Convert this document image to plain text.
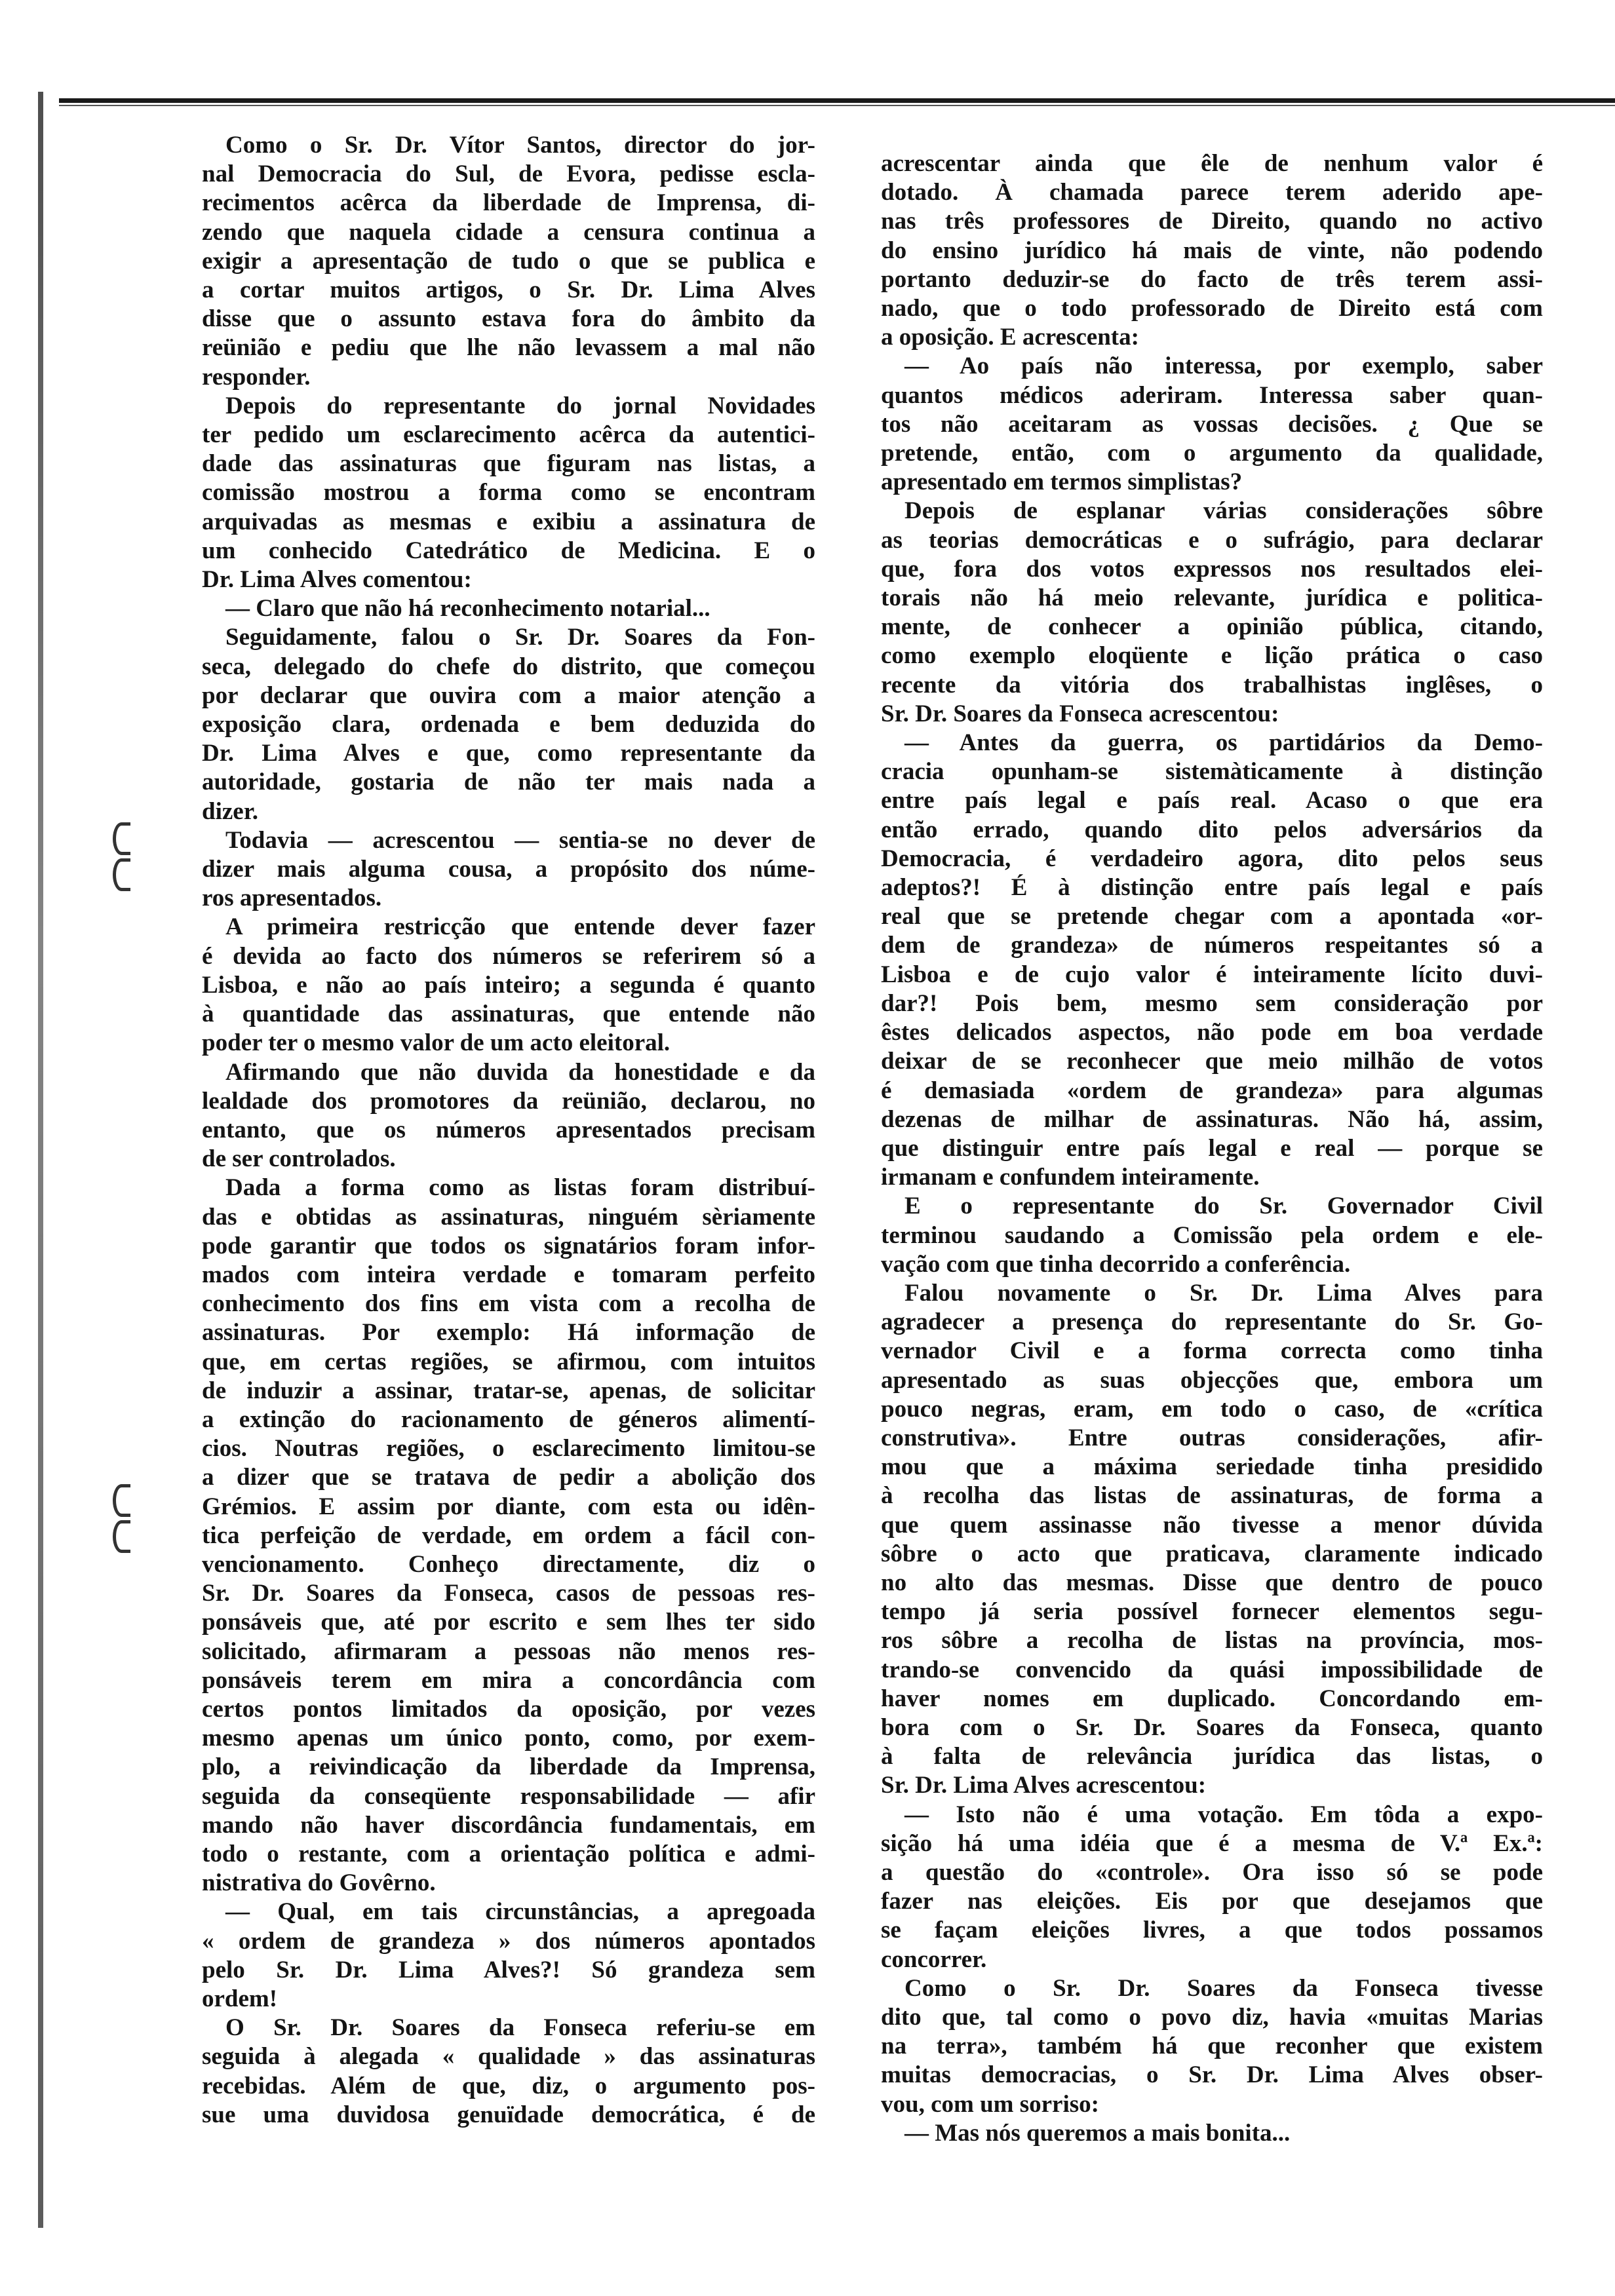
Como o Sr. Dr. Vítor Santos, director do jor-
nal Democracia do Sul, de Evora, pedisse escla-
recimentos acêrca da liberdade de Imprensa, di-
zendo que naquela cidade a censura continua a
exigir a apresentação de tudo o que se publica e
a cortar muitos artigos, o Sr. Dr. Lima Alves
disse que o assunto estava fora do âmbito da
reünião e pediu que lhe não levassem a mal não
responder.
Depois do representante do jornal Novidades
ter pedido um esclarecimento acêrca da autentici-
dade das assinaturas que figuram nas listas, a
comissão mostrou a forma como se encontram
arquivadas as mesmas e exibiu a assinatura de
um conhecido Catedrático de Medicina. E o
Dr. Lima Alves comentou:
— Claro que não há reconhecimento notarial...
Seguidamente, falou o Sr. Dr. Soares da Fon-
seca, delegado do chefe do distrito, que começou
por declarar que ouvira com a maior atenção a
exposição clara, ordenada e bem deduzida do
Dr. Lima Alves e que, como representante da
autoridade, gostaria de não ter mais nada a
dizer.
Todavia — acrescentou — sentia-se no dever de
dizer mais alguma cousa, a propósito dos núme-
ros apresentados.
A primeira restricção que entende dever fazer
é devida ao facto dos números se referirem só a
Lisboa, e não ao país inteiro; a segunda é quanto
à quantidade das assinaturas, que entende não
poder ter o mesmo valor de um acto eleitoral.
Afirmando que não duvida da honestidade e da
lealdade dos promotores da reünião, declarou, no
entanto, que os números apresentados precisam
de ser controlados.
Dada a forma como as listas foram distribuí-
das e obtidas as assinaturas, ninguém sèriamente
pode garantir que todos os signatários foram infor-
mados com inteira verdade e tomaram perfeito
conhecimento dos fins em vista com a recolha de
assinaturas. Por exemplo: Há informação de
que, em certas regiões, se afirmou, com intuitos
de induzir a assinar, tratar-se, apenas, de solicitar
a extinção do racionamento de géneros alimentí-
cios. Noutras regiões, o esclarecimento limitou-se
a dizer que se tratava de pedir a abolição dos
Grémios. E assim por diante, com esta ou idên-
tica perfeição de verdade, em ordem a fácil con-
vencionamento. Conheço directamente, diz o
Sr. Dr. Soares da Fonseca, casos de pessoas res-
ponsáveis que, até por escrito e sem lhes ter sido
solicitado, afirmaram a pessoas não menos res-
ponsáveis terem em mira a concordância com
certos pontos limitados da oposição, por vezes
mesmo apenas um único ponto, como, por exem-
plo, a reivindicação da liberdade da Imprensa,
seguida da conseqüente responsabilidade — afir
mando não haver discordância fundamentais, em
todo o restante, com a orientação política e admi-
nistrativa do Govêrno.
— Qual, em tais circunstâncias, a apregoada
« ordem de grandeza » dos números apontados
pelo Sr. Dr. Lima Alves?! Só grandeza sem
ordem!
O Sr. Dr. Soares da Fonseca referiu-se em
seguida à alegada « qualidade » das assinaturas
recebidas. Além de que, diz, o argumento pos-
sue uma duvidosa genuïdade democrática, é de
acrescentar ainda que êle de nenhum valor é
dotado. À chamada parece terem aderido ape-
nas três professores de Direito, quando no activo
do ensino jurídico há mais de vinte, não podendo
portanto deduzir-se do facto de três terem assi-
nado, que o todo professorado de Direito está com
a oposição. E acrescenta:
— Ao país não interessa, por exemplo, saber
quantos médicos aderiram. Interessa saber quan-
tos não aceitaram as vossas decisões. ¿ Que se
pretende, então, com o argumento da qualidade,
apresentado em termos simplistas?
Depois de esplanar várias considerações sôbre
as teorias democráticas e o sufrágio, para declarar
que, fora dos votos expressos nos resultados elei-
torais não há meio relevante, jurídica e politica-
mente, de conhecer a opinião pública, citando,
como exemplo eloqüente e lição prática o caso
recente da vitória dos trabalhistas inglêses, o
Sr. Dr. Soares da Fonseca acrescentou:
— Antes da guerra, os partidários da Demo-
cracia opunham-se sistemàticamente à distinção
entre país legal e país real. Acaso o que era
então errado, quando dito pelos adversários da
Democracia, é verdadeiro agora, dito pelos seus
adeptos?! É à distinção entre país legal e país
real que se pretende chegar com a apontada «or-
dem de grandeza» de números respeitantes só a
Lisboa e de cujo valor é inteiramente lícito duvi-
dar?! Pois bem, mesmo sem consideração por
êstes delicados aspectos, não pode em boa verdade
deixar de se reconhecer que meio milhão de votos
é demasiada «ordem de grandeza» para algumas
dezenas de milhar de assinaturas. Não há, assim,
que distinguir entre país legal e real — porque se
irmanam e confundem inteiramente.
E o representante do Sr. Governador Civil
terminou saudando a Comissão pela ordem e ele-
vação com que tinha decorrido a conferência.
Falou novamente o Sr. Dr. Lima Alves para
agradecer a presença do representante do Sr. Go-
vernador Civil e a forma correcta como tinha
apresentado as suas objecções que, embora um
pouco negras, eram, em todo o caso, de «crítica
construtiva». Entre outras considerações, afir-
mou que a máxima seriedade tinha presidido
à recolha das listas de assinaturas, de forma a
que quem assinasse não tivesse a menor dúvida
sôbre o acto que praticava, claramente indicado
no alto das mesmas. Disse que dentro de pouco
tempo já seria possível fornecer elementos segu-
ros sôbre a recolha de listas na província, mos-
trando-se convencido da quási impossibilidade de
haver nomes em duplicado. Concordando em-
bora com o Sr. Dr. Soares da Fonseca, quanto
à falta de relevância jurídica das listas, o
Sr. Dr. Lima Alves acrescentou:
— Isto não é uma votação. Em tôda a expo-
sição há uma idéia que é a mesma de V.ª Ex.ª:
a questão do «controle». Ora isso só se pode
fazer nas eleições. Eis por que desejamos que
se façam eleições livres, a que todos possamos
concorrer.
Como o Sr. Dr. Soares da Fonseca tivesse
dito que, tal como o povo diz, havia «muitas Marias
na terra», também há que reconher que existem
muitas democracias, o Sr. Dr. Lima Alves obser-
vou, com um sorriso:
— Mas nós queremos a mais bonita...
